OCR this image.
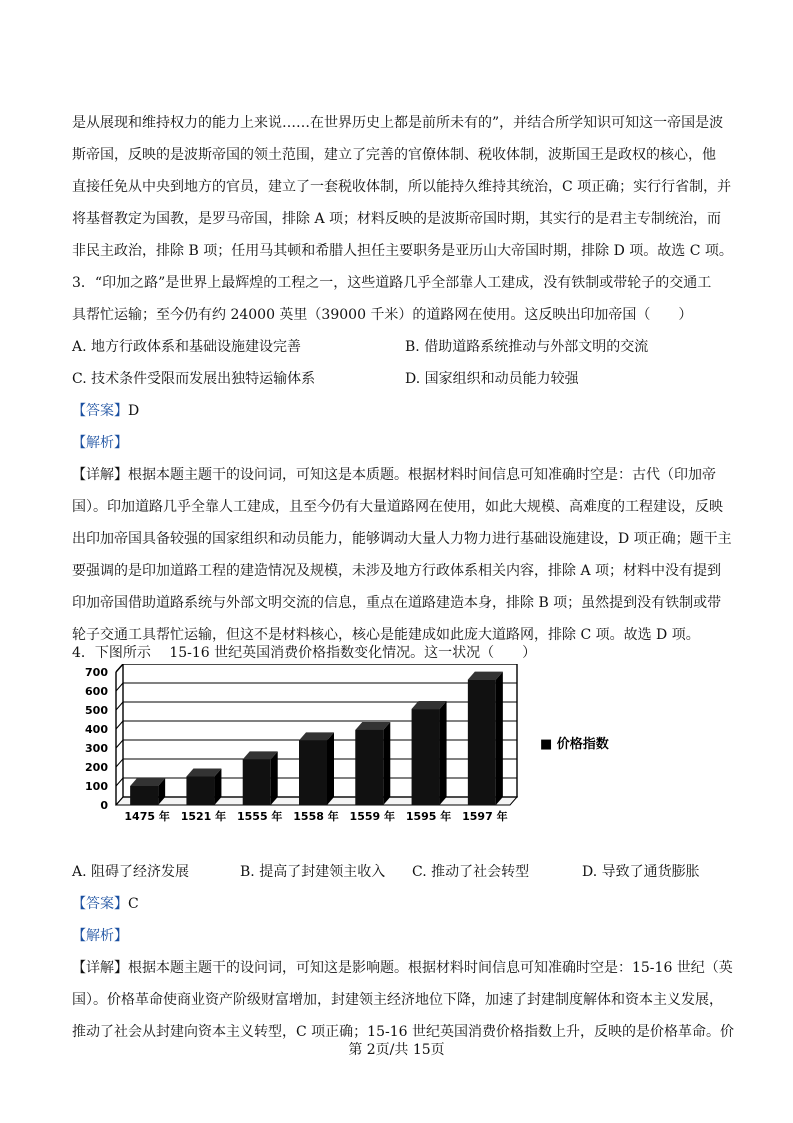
是从展现和维持权力的能力上来说……在世界历史上都是前所未有的”，并结合所学知识可知这一帝国是波
斯帝国，反映的是波斯帝国的领土范围，建立了完善的官僚体制、税收体制，波斯国王是政权的核心，他
直接任免从中央到地方的官员，建立了一套税收体制，所以能持久维持其统治，C 项正确；实行行省制，并
将基督教定为国教，是罗马帝国，排除 A 项；材料反映的是波斯帝国时期，其实行的是君主专制统治，而
非民主政治，排除 B 项；任用马其顿和希腊人担任主要职务是亚历山大帝国时期，排除 D 项。故选 C 项。
3．“印加之路”是世界上最辉煌的工程之一，这些道路几乎全部靠人工建成，没有铁制或带轮子的交通工
具帮忙运输；至今仍有约 24000 英里（39000 千米）的道路网在使用。这反映出印加帝国（　　）
A. 地方行政体系和基础设施建设完善	B. 借助道路系统推动与外部文明的交流
C. 技术条件受限而发展出独特运输体系	D. 国家组织和动员能力较强
【答案】D
【解析】
【详解】根据本题主题干的设问词，可知这是本质题。根据材料时间信息可知准确时空是：古代（印加帝
国）。印加道路几乎全靠人工建成，且至今仍有大量道路网在使用，如此大规模、高难度的工程建设，反映
出印加帝国具备较强的国家组织和动员能力，能够调动大量人力物力进行基础设施建设，D 项正确；题干主
要强调的是印加道路工程的建造情况及规模，未涉及地方行政体系相关内容，排除 A 项；材料中没有提到
印加帝国借助道路系统与外部文明交流的信息，重点在道路建造本身，排除 B 项；虽然提到没有铁制或带
轮子交通工具帮忙运输，但这不是材料核心，核心是能建成如此庞大道路网，排除 C 项。故选 D 项。
4．下图所示　 15-16 世纪英国消费价格指数变化情况。这一状况（　　）
0
100
200
300
400
500
600
700
1475 年 1521 年 1555 年 1558 年 1559 年 1595 年 1597 年
■ 价格指数
A. 阻碍了经济发展	B. 提高了封建领主收入 C. 推动了社会转型	D. 导致了通货膨胀
【答案】C
【解析】
【详解】根据本题主题干的设问词，可知这是影响题。根据材料时间信息可知准确时空是：15-16 世纪（英
国）。价格革命使商业资产阶级财富增加，封建领主经济地位下降，加速了封建制度解体和资本主义发展，
推动了社会从封建向资本主义转型，C 项正确；15-16 世纪英国消费价格指数上升，反映的是价格革命。价
第 2页/共 15页
